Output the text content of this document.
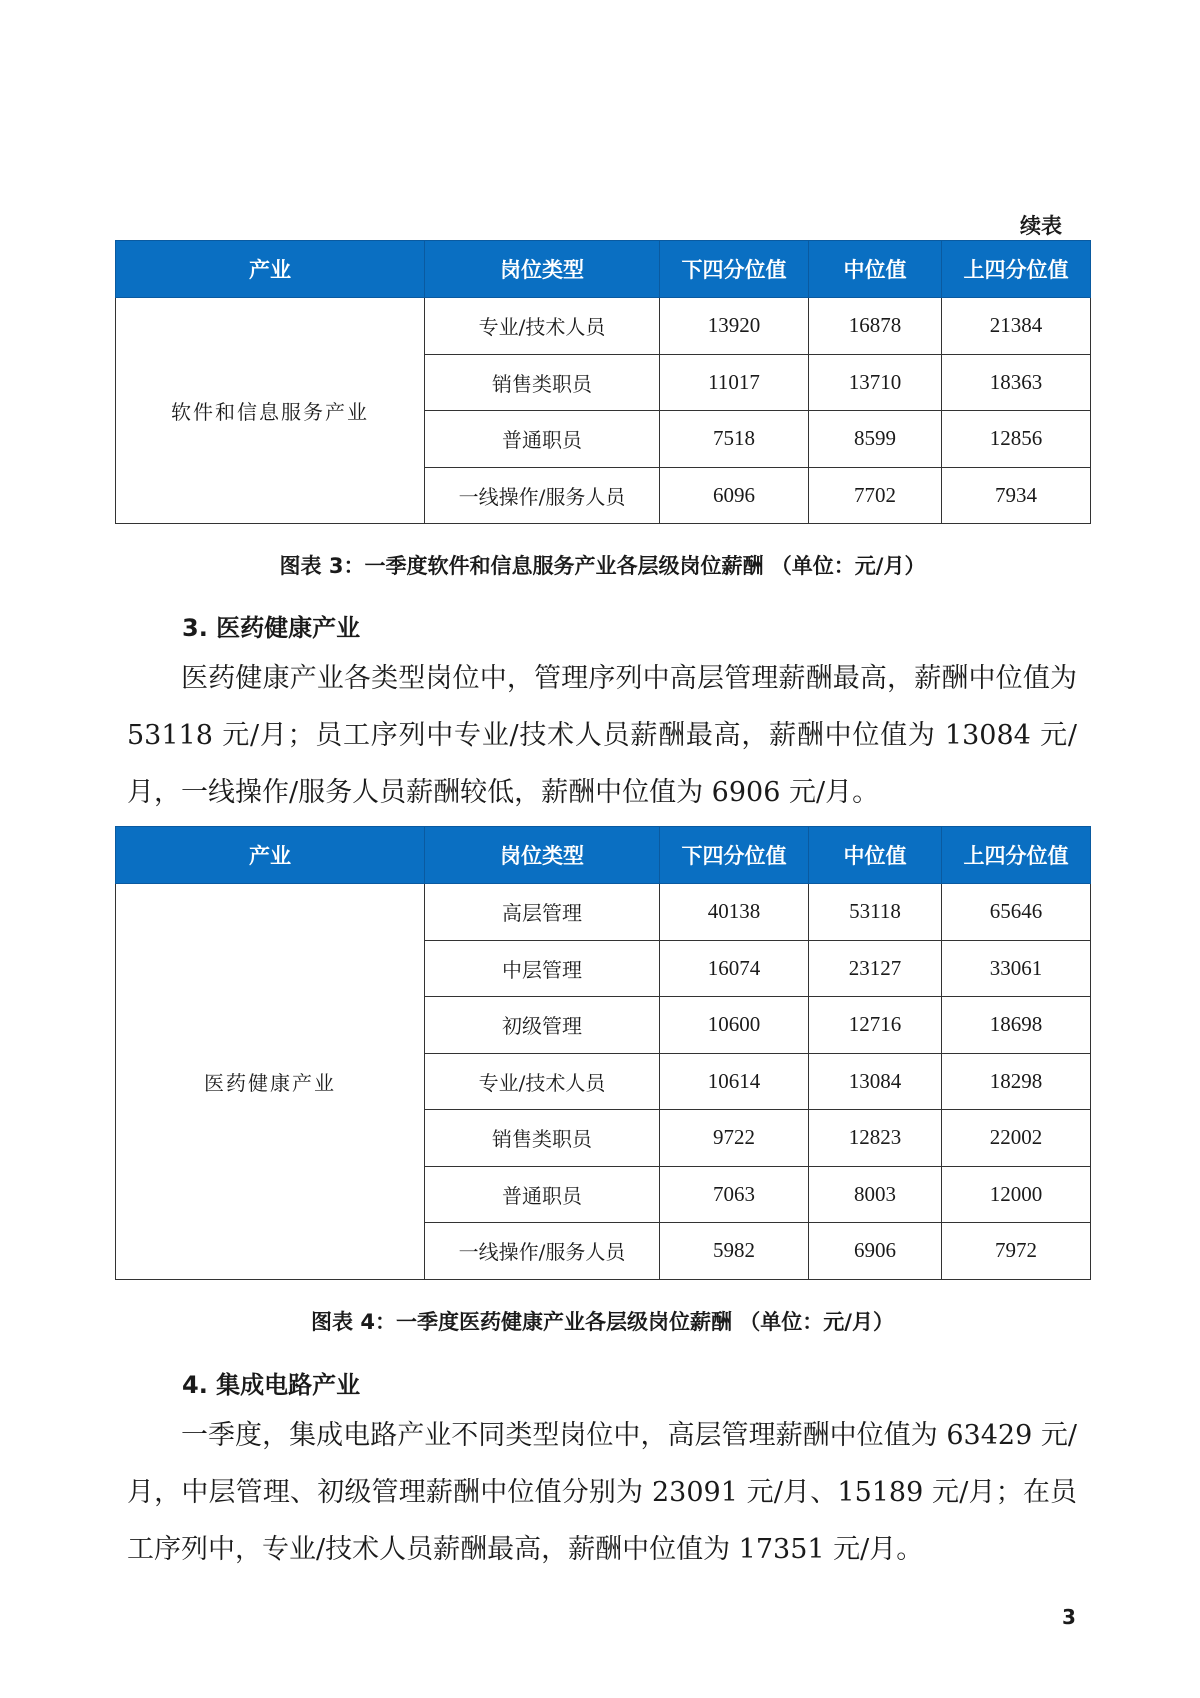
续表
产业	岗位类型	下四分位值	中位值	上四分位值
软件和信息服务产业	专业/技术人员	13920	16878	21384
	销售类职员	11017	13710	18363
	普通职员	7518	8599	12856
	一线操作/服务人员	6096	7702	7934
图表 3：一季度软件和信息服务产业各层级岗位薪酬 （单位：元/月）
3. 医药健康产业
医药健康产业各类型岗位中，管理序列中高层管理薪酬最高，薪酬中位值为 53118 元/月；员工序列中专业/技术人员薪酬最高，薪酬中位值为 13084 元/月，一线操作/服务人员薪酬较低，薪酬中位值为 6906 元/月。
产业	岗位类型	下四分位值	中位值	上四分位值
医药健康产业	高层管理	40138	53118	65646
	中层管理	16074	23127	33061
	初级管理	10600	12716	18698
	专业/技术人员	10614	13084	18298
	销售类职员	9722	12823	22002
	普通职员	7063	8003	12000
	一线操作/服务人员	5982	6906	7972
图表 4：一季度医药健康产业各层级岗位薪酬 （单位：元/月）
4. 集成电路产业
一季度，集成电路产业不同类型岗位中，高层管理薪酬中位值为 63429 元/月，中层管理、初级管理薪酬中位值分别为 23091 元/月、15189 元/月；在员工序列中，专业/技术人员薪酬最高，薪酬中位值为 17351 元/月。
3
